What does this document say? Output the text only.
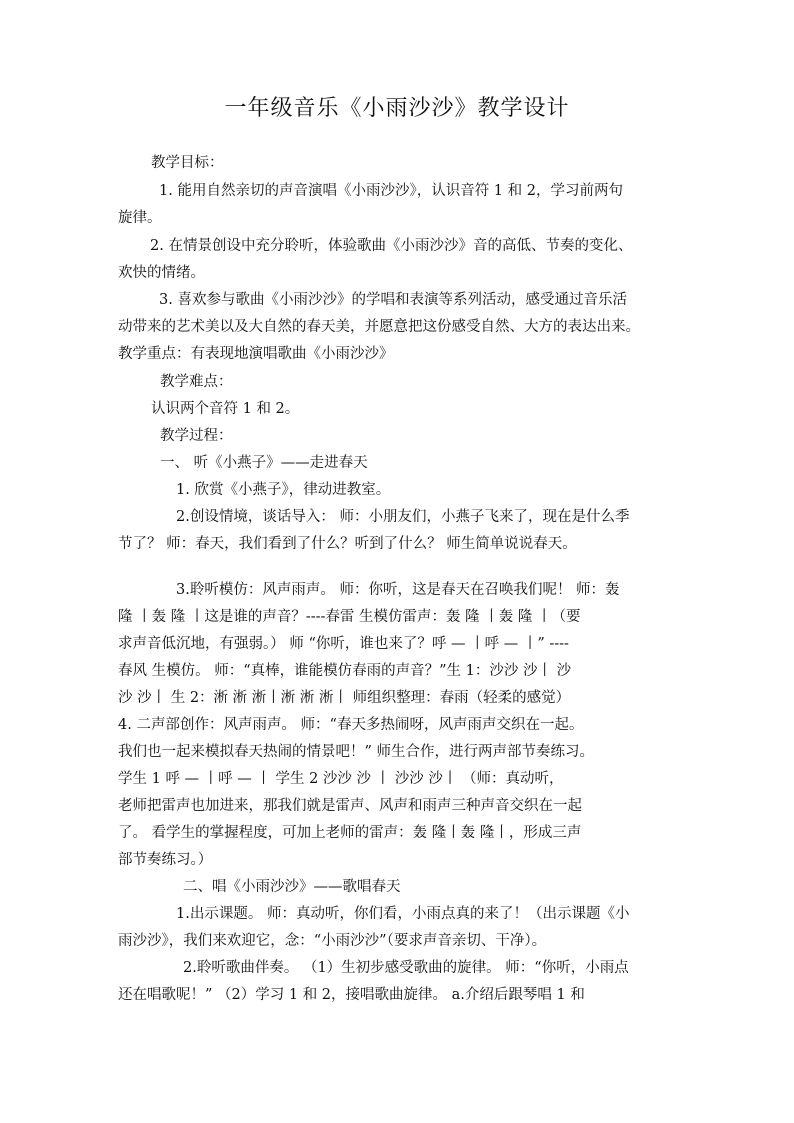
一年级音乐《小雨沙沙》教学设计
教学目标：
1. 能用自然亲切的声音演唱《小雨沙沙》，认识音符 1 和 2，学习前两句
旋律。
2. 在情景创设中充分聆听，体验歌曲《小雨沙沙》音的高低、节奏的变化、
欢快的情绪。
3. 喜欢参与歌曲《小雨沙沙》的学唱和表演等系列活动，感受通过音乐活
动带来的艺术美以及大自然的春天美，并愿意把这份感受自然、大方的表达出来。
教学重点：有表现地演唱歌曲《小雨沙沙》
教学难点：
认识两个音符 1 和 2。
教学过程：
一、 听《小燕子》——走进春天
1. 欣赏《小燕子》，律动进教室。
2.创设情境，谈话导入： 师：小朋友们，小燕子飞来了，现在是什么季
节了？ 师：春天，我们看到了什么？听到了什么？ 师生简单说说春天。
3.聆听模仿：风声雨声。 师：你听，这是春天在召唤我们呢！ 师：轰
隆 丨轰 隆 丨这是谁的声音？----春雷 生模仿雷声：轰 隆 丨轰 隆 丨（要
求声音低沉地，有强弱。） 师 “你听，谁也来了？呼 — 丨呼 — 丨” ----
春风 生模仿。 师：“真棒，谁能模仿春雨的声音？”生 1：沙沙 沙丨 沙
沙 沙丨 生 2：淅 淅 淅丨淅 淅 淅丨 师组织整理：春雨（轻柔的感觉）
4. 二声部创作：风声雨声。 师：“春天多热闹呀，风声雨声交织在一起。
我们也一起来模拟春天热闹的情景吧！” 师生合作，进行两声部节奏练习。
学生 1 呼 — 丨呼 — 丨 学生 2 沙沙 沙 丨 沙沙 沙丨 （师：真动听，
老师把雷声也加进来，那我们就是雷声、风声和雨声三种声音交织在一起
了。 看学生的掌握程度，可加上老师的雷声：轰 隆丨轰 隆丨，形成三声
部节奏练习。）
二、唱《小雨沙沙》——歌唱春天
1.出示课题。 师：真动听，你们看，小雨点真的来了！（出示课题《小
雨沙沙》，我们来欢迎它，念：“小雨沙沙”（要求声音亲切、干净）。
2.聆听歌曲伴奏。 （1）生初步感受歌曲的旋律。 师：“你听，小雨点
还在唱歌呢！” （2）学习 1 和 2，接唱歌曲旋律。 a.介绍后跟琴唱 1 和
